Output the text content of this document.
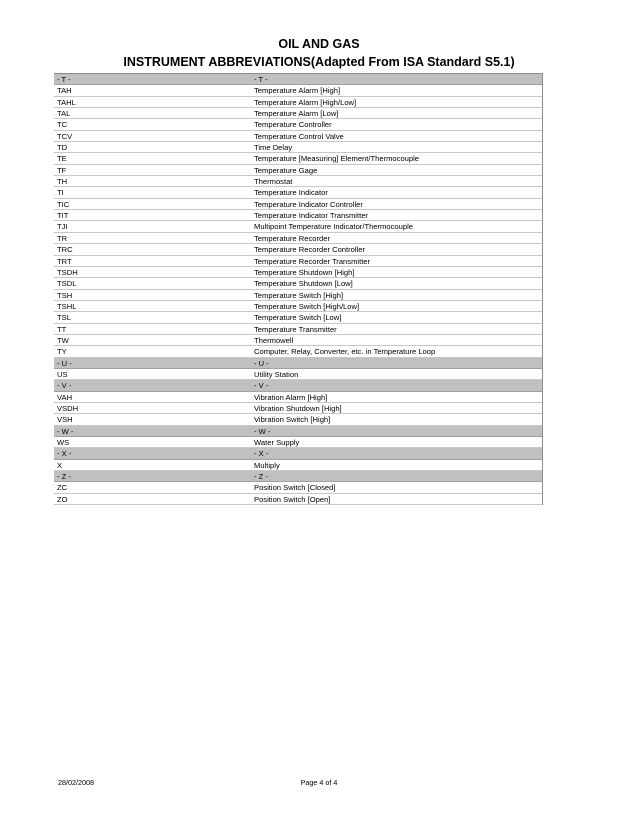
OIL AND GAS
INSTRUMENT ABBREVIATIONS(Adapted From ISA Standard S5.1)
- T -	- T -
TAH	Temperature Alarm [High]
TAHL	Temperature Alarm [High/Low]
TAL	Temperature Alarm [Low]
TC	Temperature Controller
TCV	Temperature Control Valve
TD	Time Delay
TE	Temperature [Measuring] Element/Thermocouple
TF	Temperature Gage
TH	Thermostat
TI	Temperature Indicator
TIC	Temperature Indicator Controller
TIT	Temperature Indicator Transmitter
TJI	Multipoint Temperature Indicator/Thermocouple
TR	Temperature Recorder
TRC	Temperature Recorder Controller
TRT	Temperature Recorder Transmitter
TSDH	Temperature Shutdown [High]
TSDL	Temperature Shutdown [Low]
TSH	Temperature Switch [High]
TSHL	Temperature Switch [High/Low]
TSL	Temperature Switch [Low]
TT	Temperature Transmitter
TW	Thermowell
TY	Computer, Relay, Converter, etc. in Temperature Loop
- U -	- U -
US	Utility Station
- V -	- V -
VAH	Vibration Alarm [High]
VSDH	Vibration Shutdown [High]
VSH	Vibration Switch [High]
- W -	- W -
WS	Water Supply
- X -	- X -
X	Multiply
- Z -	- Z -
ZC	Position Switch [Closed]
ZO	Position Switch [Open]
28/02/2008	Page 4 of 4
